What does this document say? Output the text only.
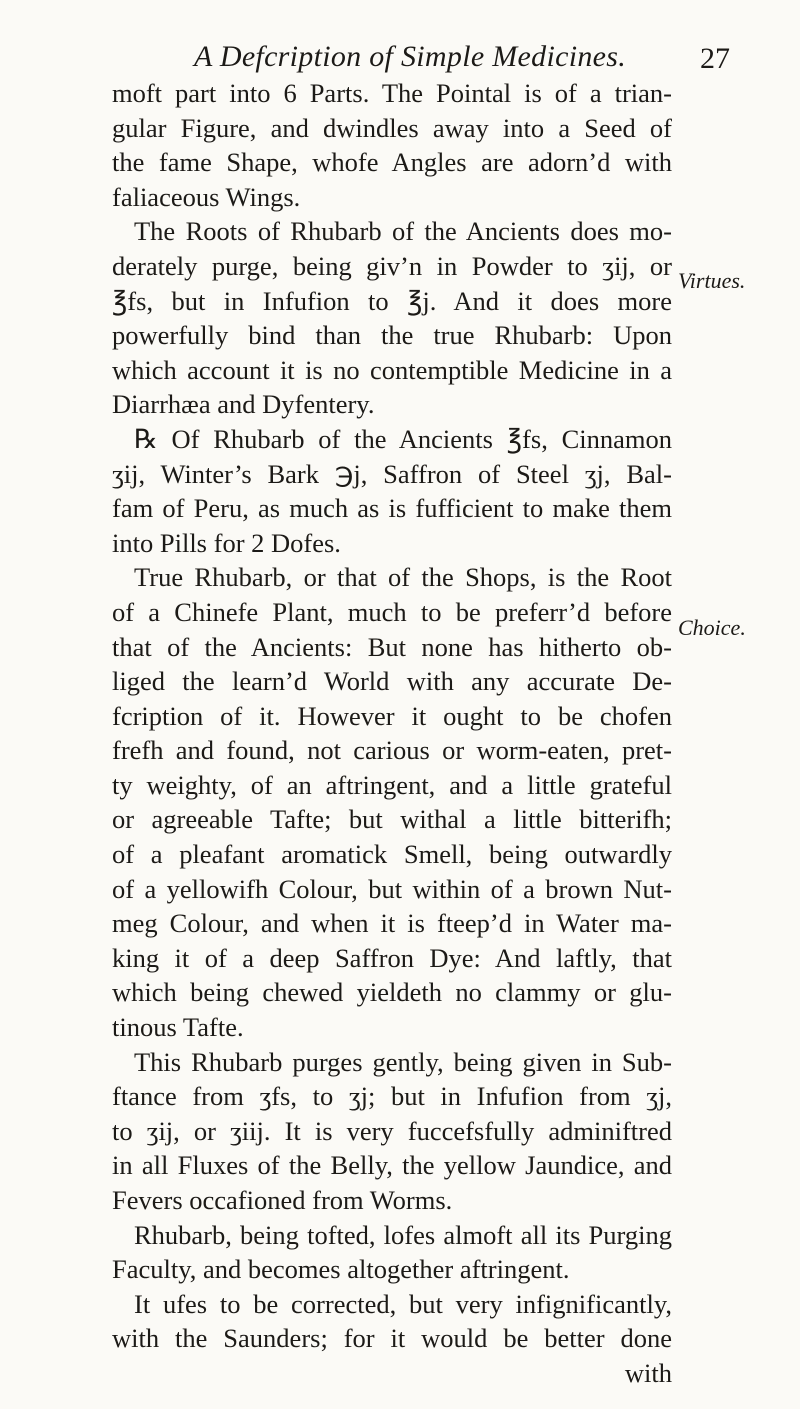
A Defcription of Simple Medicines.	27
Virtues.
Choice.
moft part into 6 Parts. The Pointal is of a trian-
gular Figure, and dwindles away into a Seed of
the fame Shape, whofe Angles are adorn’d with
faliaceous Wings.
The Roots of Rhubarb of the Ancients does mo-
derately purge, being giv’n in Powder to ʒij, or
℥fs, but in Infufion to ℥j. And it does more
powerfully bind than the true Rhubarb: Upon
which account it is no contemptible Medicine in a
Diarrhæa and Dyfentery.
℞ Of Rhubarb of the Ancients ℥fs, Cinnamon
ʒij, Winter’s Bark ℈j, Saffron of Steel ʒj, Bal-
fam of Peru, as much as is fufficient to make them
into Pills for 2 Dofes.
True Rhubarb, or that of the Shops, is the Root
of a Chinefe Plant, much to be preferr’d before
that of the Ancients: But none has hitherto ob-
liged the learn’d World with any accurate De-
fcription of it. However it ought to be chofen
frefh and found, not carious or worm-eaten, pret-
ty weighty, of an aftringent, and a little grateful
or agreeable Tafte; but withal a little bitterifh;
of a pleafant aromatick Smell, being outwardly
of a yellowifh Colour, but within of a brown Nut-
meg Colour, and when it is fteep’d in Water ma-
king it of a deep Saffron Dye: And laftly, that
which being chewed yieldeth no clammy or glu-
tinous Tafte.
This Rhubarb purges gently, being given in Sub-
ftance from ʒfs, to ʒj; but in Infufion from ʒj,
to ʒij, or ʒiij. It is very fuccefsfully adminiftred
in all Fluxes of the Belly, the yellow Jaundice, and
Fevers occafioned from Worms.
Rhubarb, being tofted, lofes almoft all its Purging
Faculty, and becomes altogether aftringent.
It ufes to be corrected, but very infignificantly,
with the Saunders; for it would be better done
with
